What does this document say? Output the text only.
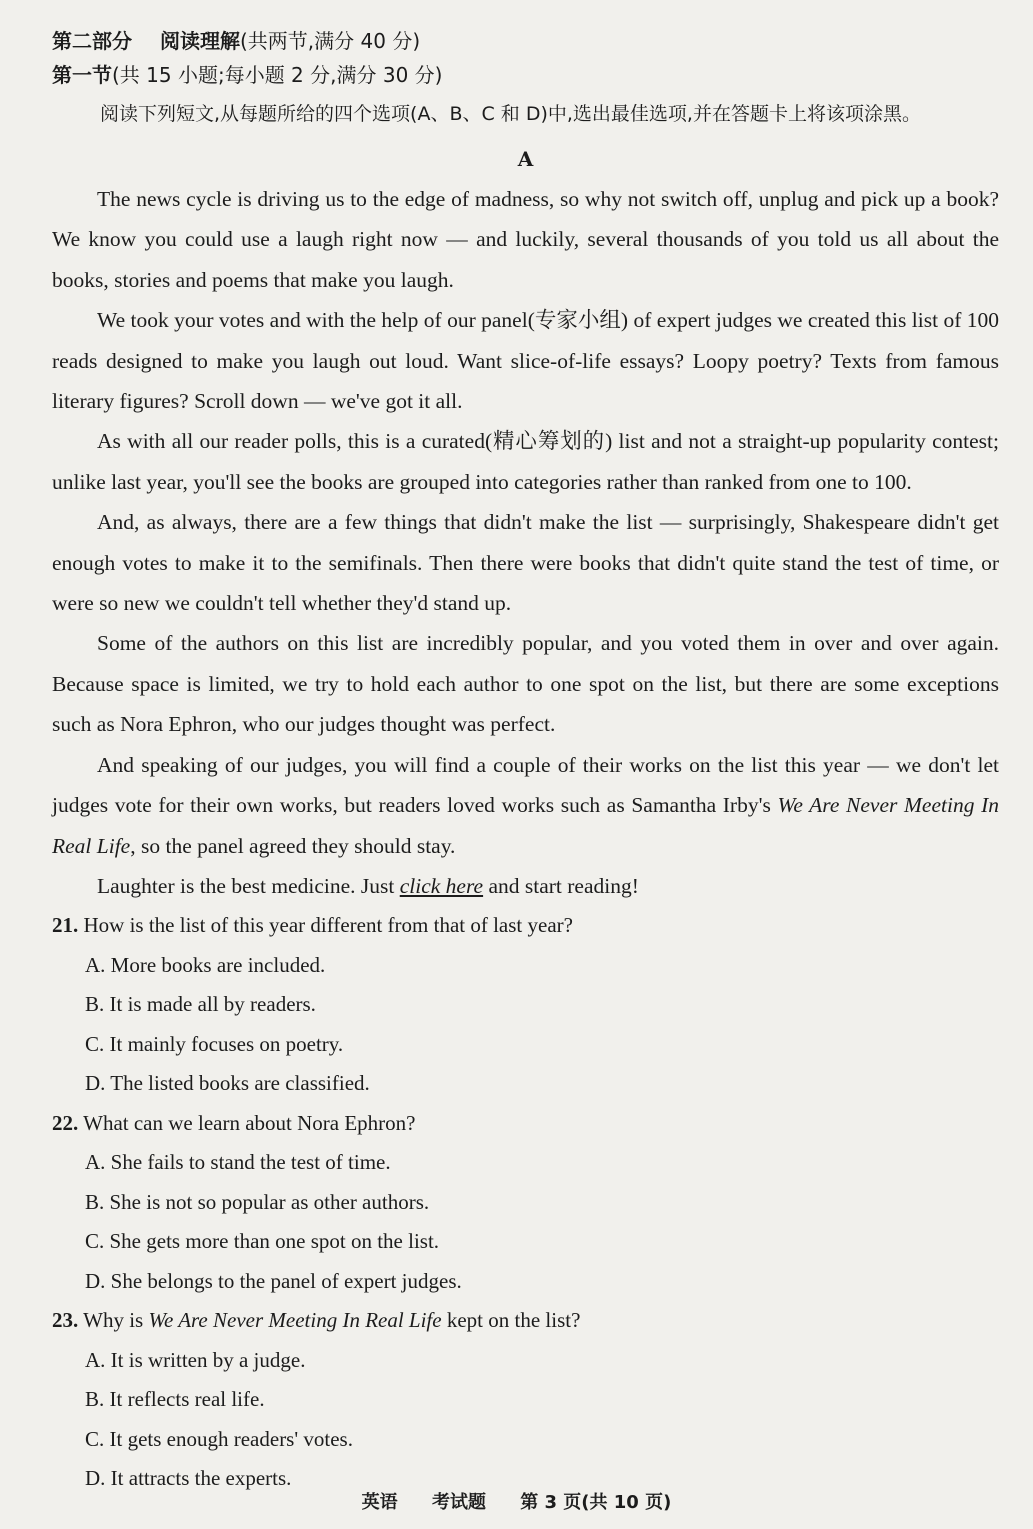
第二部分 阅读理解(共两节,满分 40 分)

第一节(共 15 小题;每小题 2 分,满分 30 分)

阅读下列短文,从每题所给的四个选项(A、B、C 和 D)中,选出最佳选项,并在答题卡上将该项涂黑。

A

The news cycle is driving us to the edge of madness, so why not switch off, unplug and pick up a book? We know you could use a laugh right now — and luckily, several thousands of you told us all about the books, stories and poems that make you laugh.

We took your votes and with the help of our panel(专家小组) of expert judges we created this list of 100 reads designed to make you laugh out loud. Want slice-of-life essays? Loopy poetry? Texts from famous literary figures? Scroll down — we've got it all.

As with all our reader polls, this is a curated(精心筹划的) list and not a straight-up popularity contest; unlike last year, you'll see the books are grouped into categories rather than ranked from one to 100.

And, as always, there are a few things that didn't make the list — surprisingly, Shakespeare didn't get enough votes to make it to the semifinals. Then there were books that didn't quite stand the test of time, or were so new we couldn't tell whether they'd stand up.

Some of the authors on this list are incredibly popular, and you voted them in over and over again. Because space is limited, we try to hold each author to one spot on the list, but there are some exceptions such as Nora Ephron, who our judges thought was perfect.

And speaking of our judges, you will find a couple of their works on the list this year — we don't let judges vote for their own works, but readers loved works such as Samantha Irby's We Are Never Meeting In Real Life, so the panel agreed they should stay.

Laughter is the best medicine. Just click here and start reading!

21. How is the list of this year different from that of last year?

A. More books are included.
B. It is made all by readers.
C. It mainly focuses on poetry.
D. The listed books are classified.

22. What can we learn about Nora Ephron?

A. She fails to stand the test of time.
B. She is not so popular as other authors.
C. She gets more than one spot on the list.
D. She belongs to the panel of expert judges.

23. Why is We Are Never Meeting In Real Life kept on the list?

A. It is written by a judge.
B. It reflects real life.
C. It gets enough readers' votes.
D. It attracts the experts.
英语 考试题 第 3 页(共 10 页)
